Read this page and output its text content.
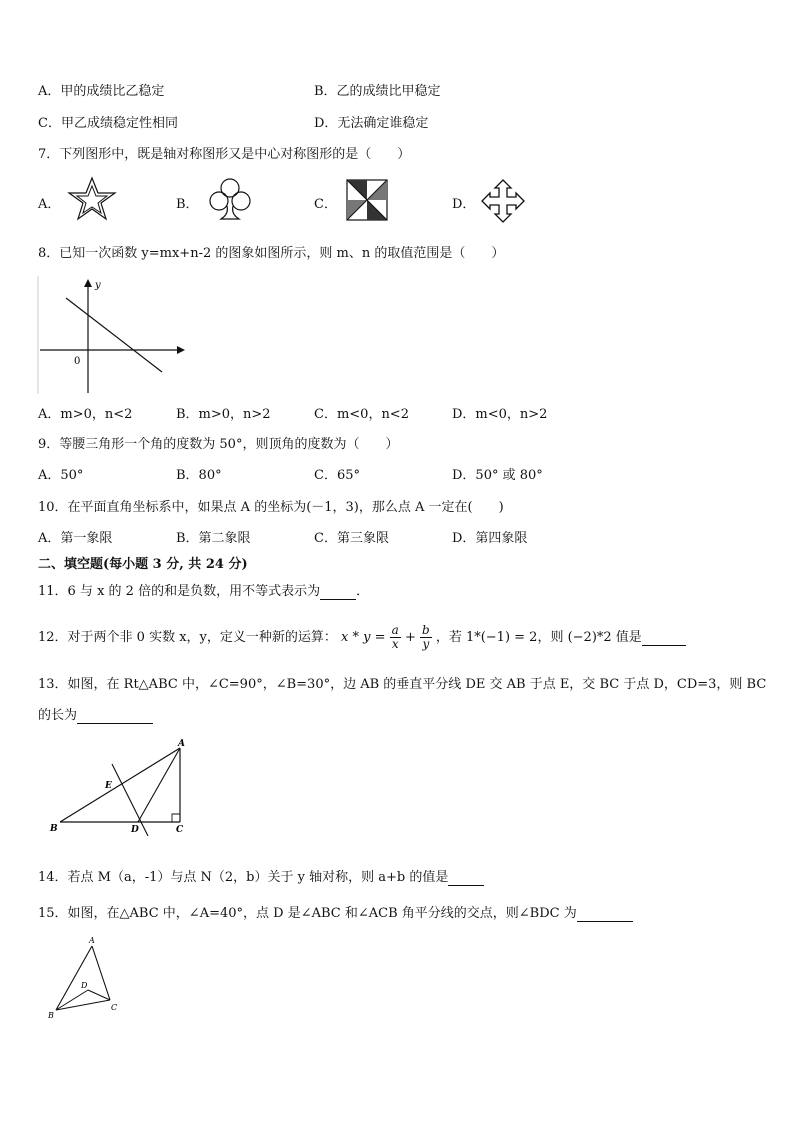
A．甲的成绩比乙稳定	B．乙的成绩比甲稳定
C．甲乙成绩稳定性相同	D．无法确定谁稳定
7．下列图形中，既是轴对称图形又是中心对称图形的是（　　）
A．	B．	C．	D．
8．已知一次函数 y=mx+n-2 的图象如图所示，则 m、n 的取值范围是（　　）
y
0
A．m>0，n<2	B．m>0，n>2	C．m<0，n<2	D．m<0，n>2
9．等腰三角形一个角的度数为 50°，则顶角的度数为（　　）
A．50°	B．80°	C．65°	D．50° 或 80°
10．在平面直角坐标系中，如果点 A 的坐标为(－1，3)，那么点 A 一定在(　　)
A．第一象限	B．第二象限	C．第三象限	D．第四象限
二、填空题(每小题 3 分, 共 24 分)
11．6 与 x 的 2 倍的和是负数，用不等式表示为	．
12．对于两个非 0 实数 x，y，定义一种新的运算： $x * y = \frac{a}{x} + \frac{b}{y}$ ，若 1*(−1) = 2，则 (−2)*2 值是
13．如图，在 Rt△ABC 中，∠C=90°，∠B=30°，边 AB 的垂直平分线 DE 交 AB 于点 E，交 BC 于点 D，CD=3，则 BC
的长为
A
B	C
D
E
14．若点 M（a，-1）与点 N（2，b）关于 y 轴对称，则 a+b 的值是
15．如图，在△ABC 中，∠A=40°，点 D 是∠ABC 和∠ACB 角平分线的交点，则∠BDC 为
A
B
C
D
